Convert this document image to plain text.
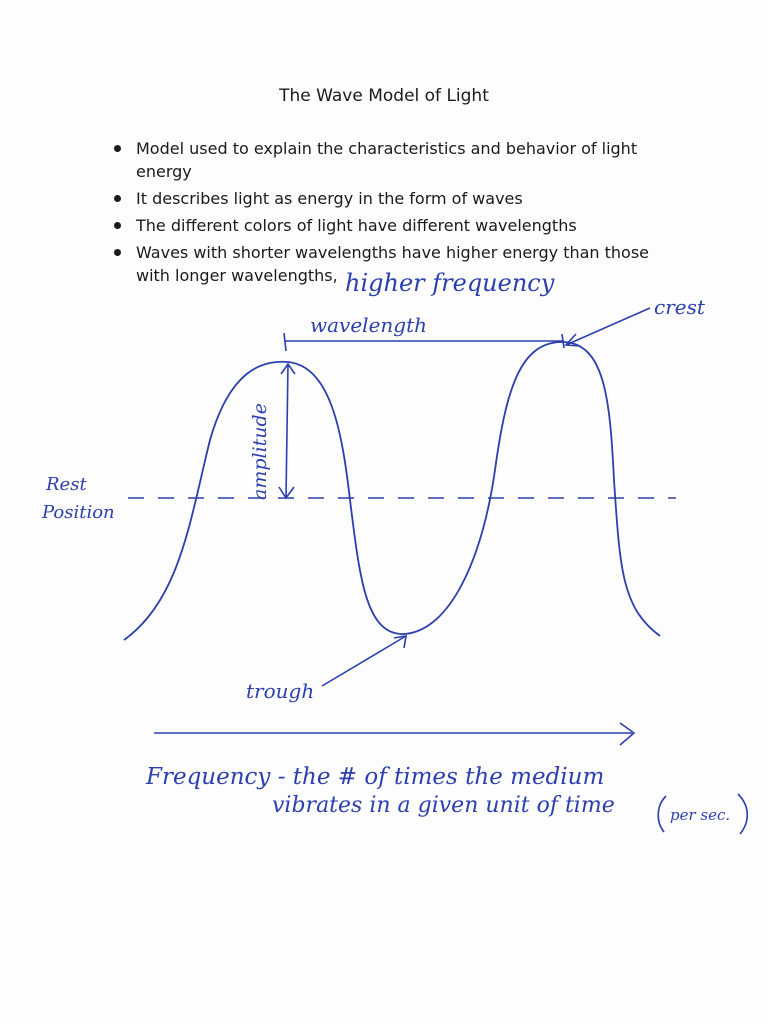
The Wave Model of Light
Model used to explain the characteristics and behavior of light energy
It describes light as energy in the form of waves
The different colors of light have different wavelengths
Waves with shorter wavelengths have higher energy than those with longer wavelengths, higher frequency
wavelength
crest
Rest
Position
amplitude
trough
Frequency - the # of times the medium
vibrates in a given unit of time	per sec.
